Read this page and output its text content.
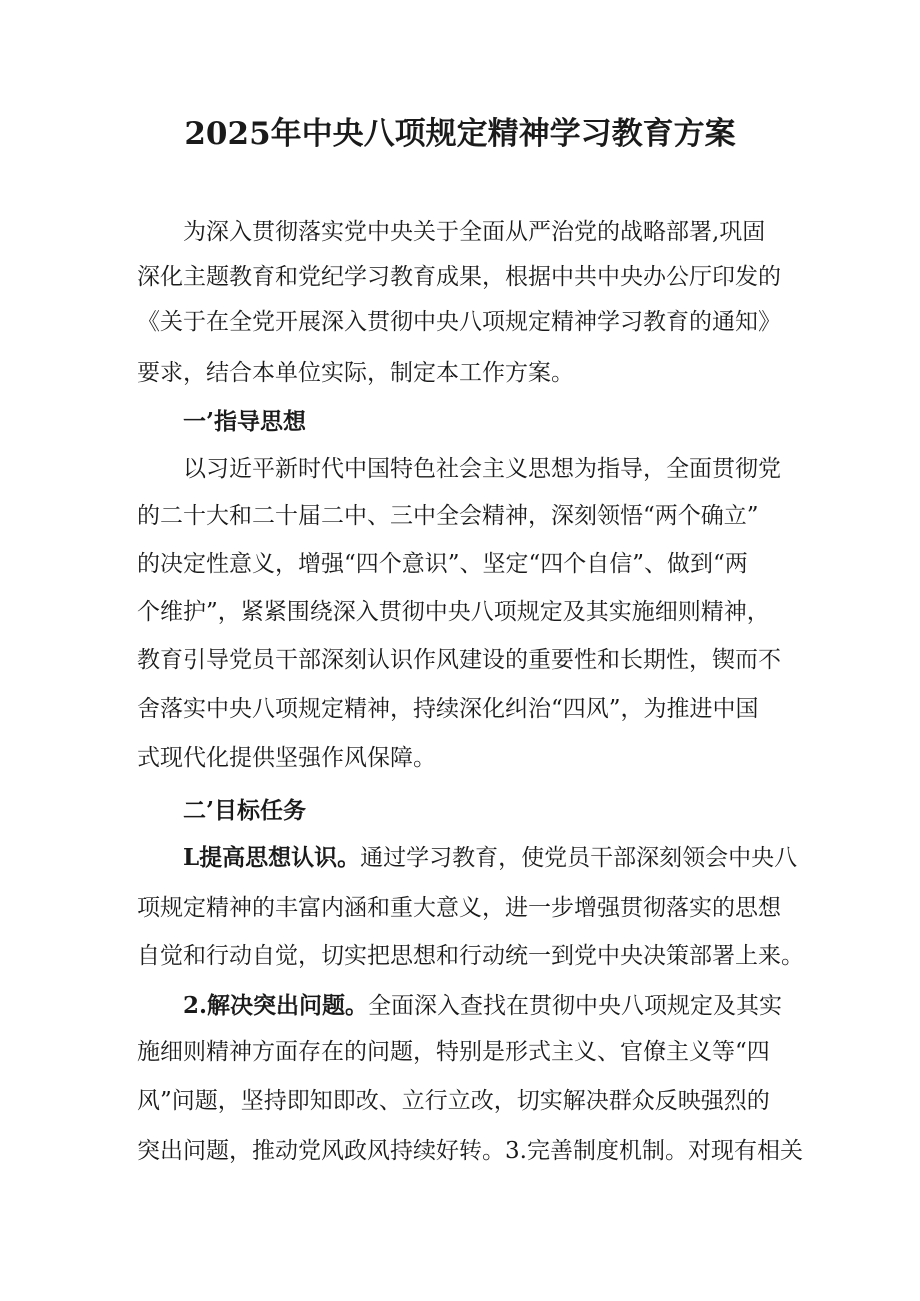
2025年中央八项规定精神学习教育方案
为深入贯彻落实党中央关于全面从严治党的战略部署,巩固
深化主题教育和党纪学习教育成果，根据中共中央办公厅印发的
《关于在全党开展深入贯彻中央八项规定精神学习教育的通知》
要求，结合本单位实际，制定本工作方案。
一’指导思想
以习近平新时代中国特色社会主义思想为指导，全面贯彻党
的二十大和二十届二中、三中全会精神，深刻领悟“两个确立”
的决定性意义，增强“四个意识”、坚定“四个自信”、做到“两
个维护”，紧紧围绕深入贯彻中央八项规定及其实施细则精神，
教育引导党员干部深刻认识作风建设的重要性和长期性，锲而不
舍落实中央八项规定精神，持续深化纠治“四风”，为推进中国
式现代化提供坚强作风保障。
二’目标任务
L提高思想认识。通过学习教育，使党员干部深刻领会中央八
项规定精神的丰富内涵和重大意义，进一步增强贯彻落实的思想
自觉和行动自觉，切实把思想和行动统一到党中央决策部署上来。
2.解决突出问题。全面深入查找在贯彻中央八项规定及其实
施细则精神方面存在的问题，特别是形式主义、官僚主义等“四
风”问题，坚持即知即改、立行立改，切实解决群众反映强烈的
突出问题，推动党风政风持续好转。3.完善制度机制。对现有相关
